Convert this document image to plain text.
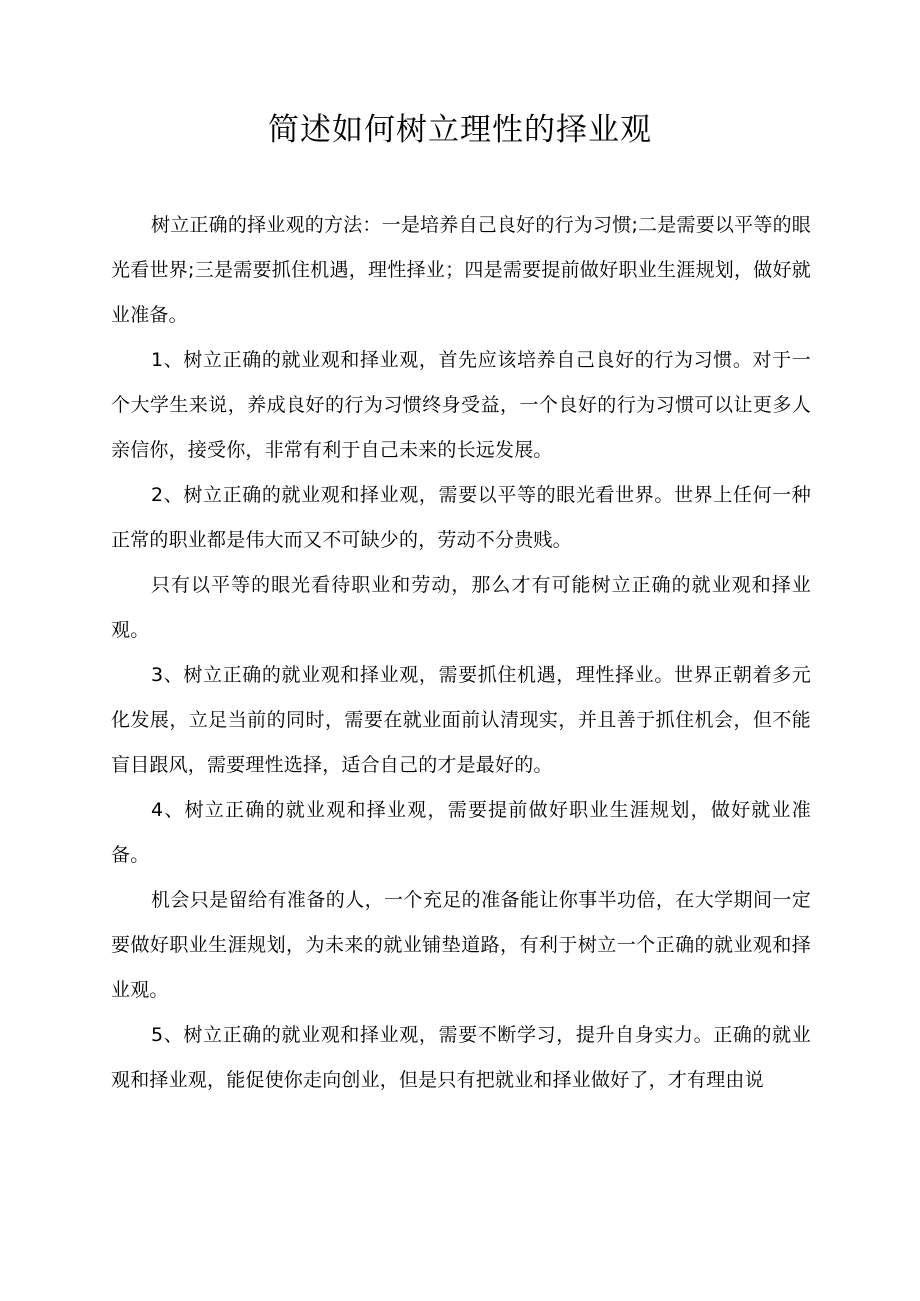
简述如何树立理性的择业观

树立正确的择业观的方法：一是培养自己良好的行为习惯;二是需要以平等的眼光看世界;三是需要抓住机遇，理性择业；四是需要提前做好职业生涯规划，做好就业准备。

1、树立正确的就业观和择业观，首先应该培养自己良好的行为习惯。对于一个大学生来说，养成良好的行为习惯终身受益，一个良好的行为习惯可以让更多人亲信你，接受你，非常有利于自己未来的长远发展。

2、树立正确的就业观和择业观，需要以平等的眼光看世界。世界上任何一种正常的职业都是伟大而又不可缺少的，劳动不分贵贱。

只有以平等的眼光看待职业和劳动，那么才有可能树立正确的就业观和择业观。

3、树立正确的就业观和择业观，需要抓住机遇，理性择业。世界正朝着多元化发展，立足当前的同时，需要在就业面前认清现实，并且善于抓住机会，但不能盲目跟风，需要理性选择，适合自己的才是最好的。

4、树立正确的就业观和择业观，需要提前做好职业生涯规划，做好就业准备。

机会只是留给有准备的人，一个充足的准备能让你事半功倍，在大学期间一定要做好职业生涯规划，为未来的就业铺垫道路，有利于树立一个正确的就业观和择业观。

5、树立正确的就业观和择业观，需要不断学习，提升自身实力。正确的就业观和择业观，能促使你走向创业，但是只有把就业和择业做好了，才有理由说
